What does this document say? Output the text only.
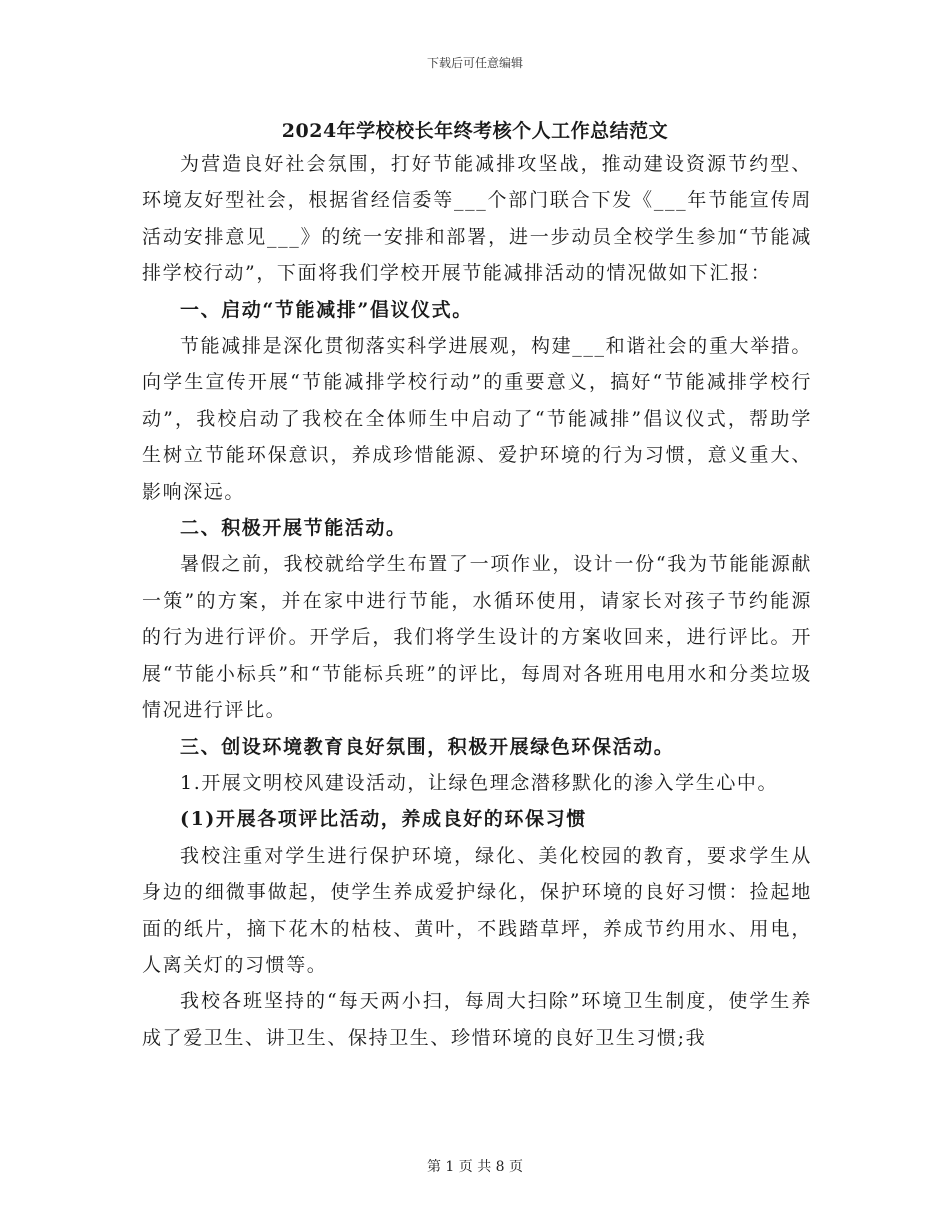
下载后可任意编辑
2024年学校校长年终考核个人工作总结范文

为营造良好社会氛围，打好节能减排攻坚战，推动建设资源节约型、环境友好型社会，根据省经信委等___个部门联合下发《___年节能宣传周活动安排意见___》的统一安排和部署，进一步动员全校学生参加“节能减排学校行动”，下面将我们学校开展节能减排活动的情况做如下汇报：

一、启动“节能减排”倡议仪式。

节能减排是深化贯彻落实科学进展观，构建___和谐社会的重大举措。向学生宣传开展“节能减排学校行动”的重要意义，搞好“节能减排学校行动”，我校启动了我校在全体师生中启动了“节能减排”倡议仪式，帮助学生树立节能环保意识，养成珍惜能源、爱护环境的行为习惯，意义重大、影响深远。

二、积极开展节能活动。

暑假之前，我校就给学生布置了一项作业，设计一份“我为节能能源献一策”的方案，并在家中进行节能，水循环使用，请家长对孩子节约能源的行为进行评价。开学后，我们将学生设计的方案收回来，进行评比。开展“节能小标兵”和“节能标兵班”的评比，每周对各班用电用水和分类垃圾情况进行评比。

三、创设环境教育良好氛围，积极开展绿色环保活动。

1.开展文明校风建设活动，让绿色理念潜移默化的渗入学生心中。

(1)开展各项评比活动，养成良好的环保习惯

我校注重对学生进行保护环境，绿化、美化校园的教育，要求学生从身边的细微事做起，使学生养成爱护绿化，保护环境的良好习惯：捡起地面的纸片，摘下花木的枯枝、黄叶，不践踏草坪，养成节约用水、用电，人离关灯的习惯等。

我校各班坚持的“每天两小扫，每周大扫除”环境卫生制度，使学生养成了爱卫生、讲卫生、保持卫生、珍惜环境的良好卫生习惯;我

第 1 页 共 8 页
